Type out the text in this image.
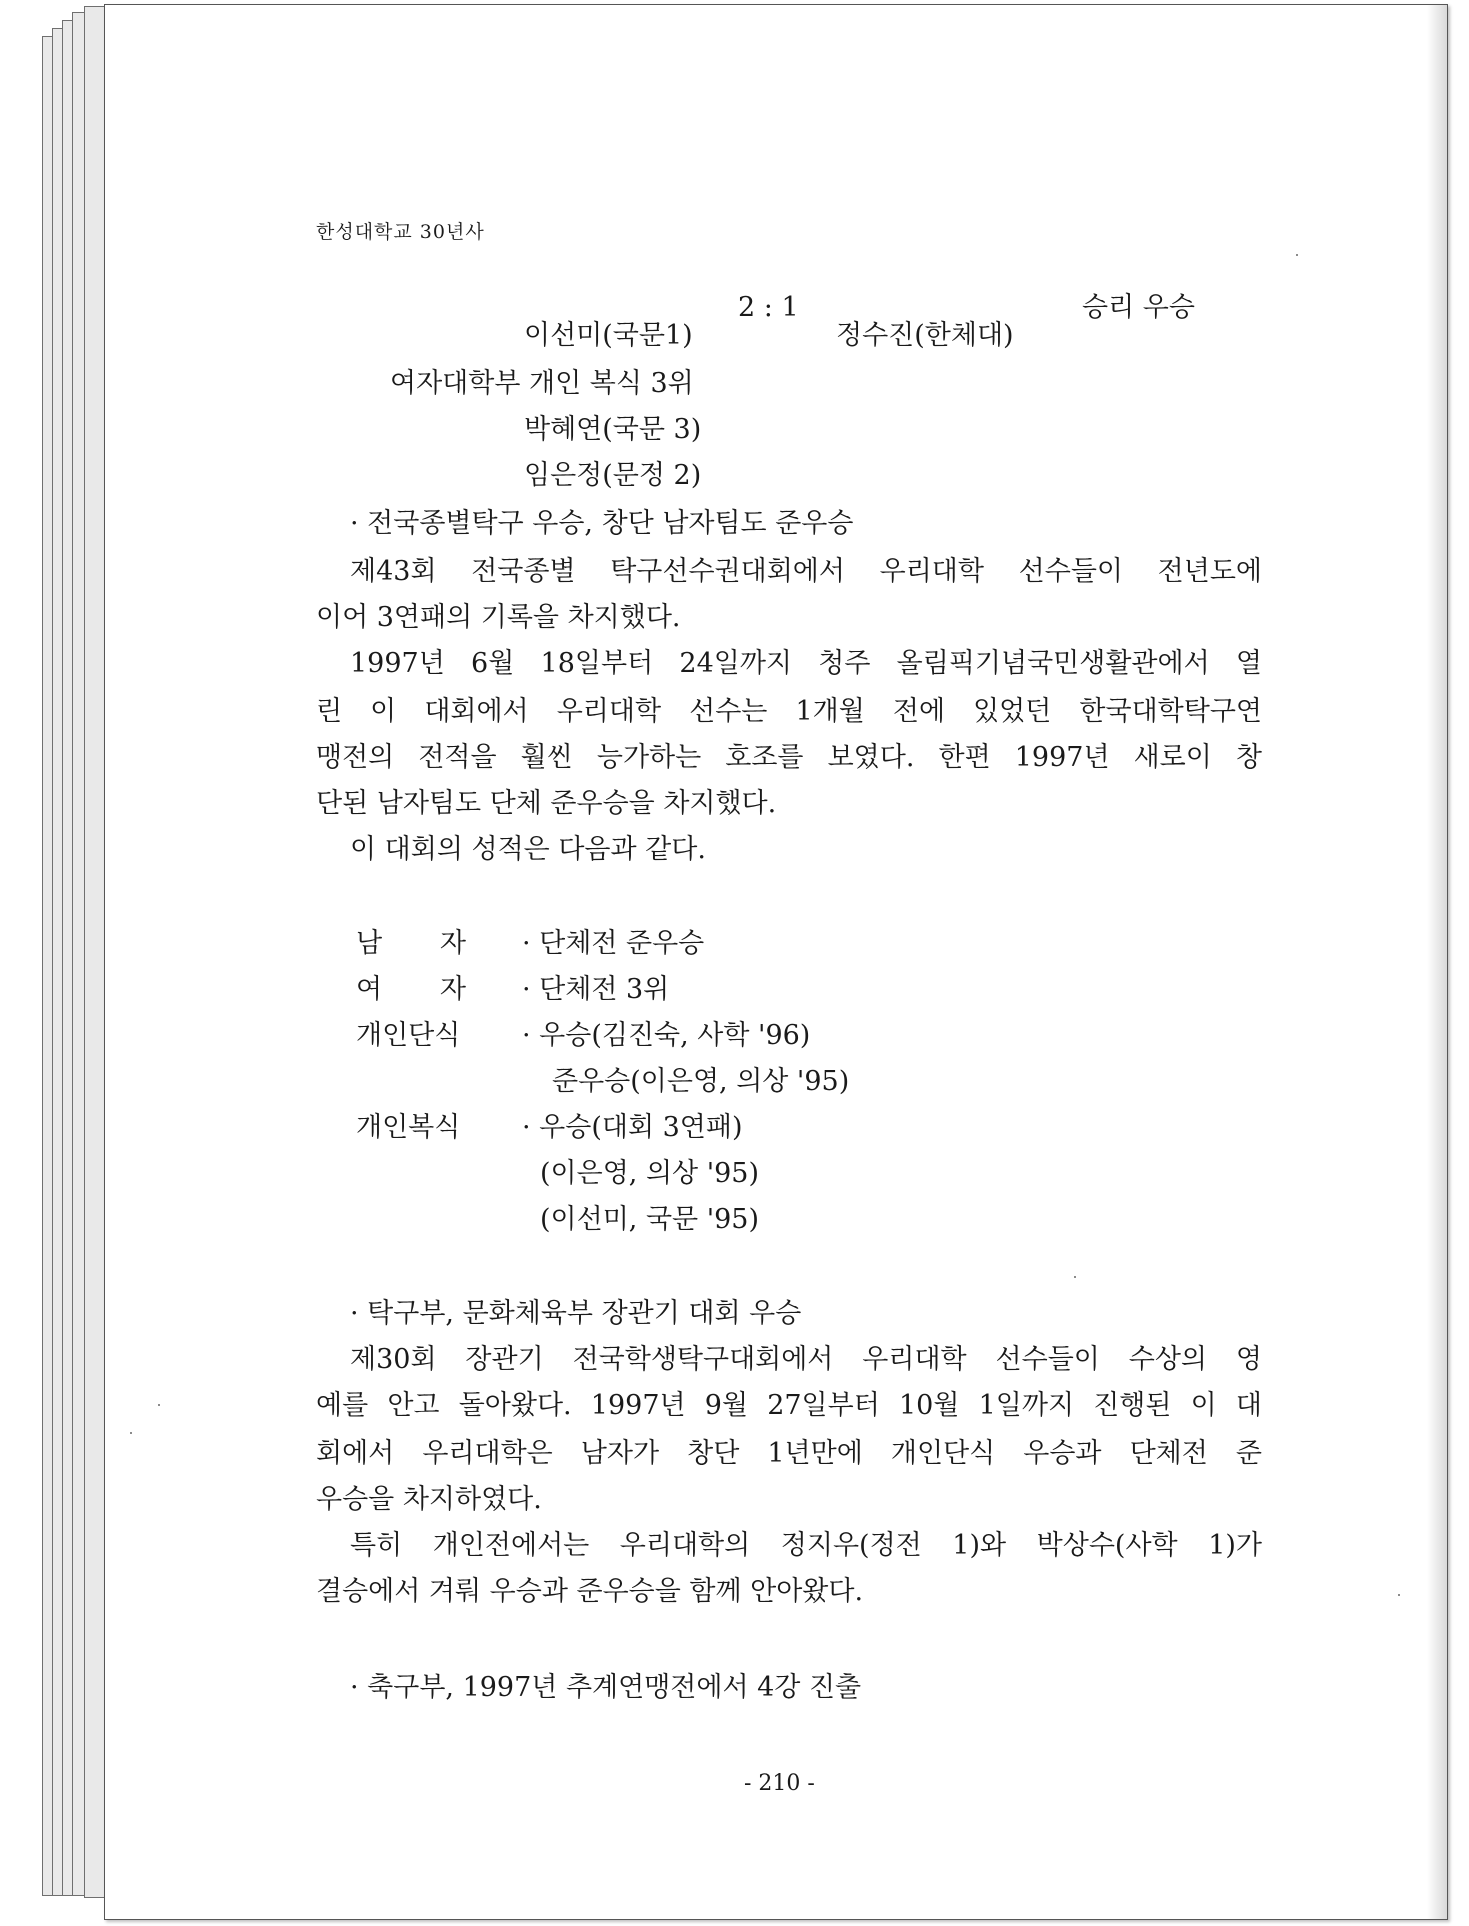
한성대학교 30년사
2 : 1	승리 우승
이선미(국문1)	정수진(한체대)
여자대학부 개인 복식 3위
박혜연(국문 3)
임은정(문정 2)
· 전국종별탁구 우승, 창단 남자팀도 준우승
제43회 전국종별 탁구선수권대회에서 우리대학 선수들이 전년도에
이어 3연패의 기록을 차지했다.
1997년 6월 18일부터 24일까지 청주 올림픽기념국민생활관에서 열
린 이 대회에서 우리대학 선수는 1개월 전에 있었던 한국대학탁구연
맹전의 전적을 훨씬 능가하는 호조를 보였다. 한편 1997년 새로이 창
단된 남자팀도 단체 준우승을 차지했다.
이 대회의 성적은 다음과 같다.
남 자 · 단체전 준우승
여 자 · 단체전 3위
개인단식 · 우승(김진숙, 사학 '96)
준우승(이은영, 의상 '95)
개인복식 · 우승(대회 3연패)
(이은영, 의상 '95)
(이선미, 국문 '95)
· 탁구부, 문화체육부 장관기 대회 우승
제30회 장관기 전국학생탁구대회에서 우리대학 선수들이 수상의 영
예를 안고 돌아왔다. 1997년 9월 27일부터 10월 1일까지 진행된 이 대
회에서 우리대학은 남자가 창단 1년만에 개인단식 우승과 단체전 준
우승을 차지하였다.
특히 개인전에서는 우리대학의 정지우(정전 1)와 박상수(사학 1)가
결승에서 겨뤄 우승과 준우승을 함께 안아왔다.
· 축구부, 1997년 추계연맹전에서 4강 진출
- 210 -
